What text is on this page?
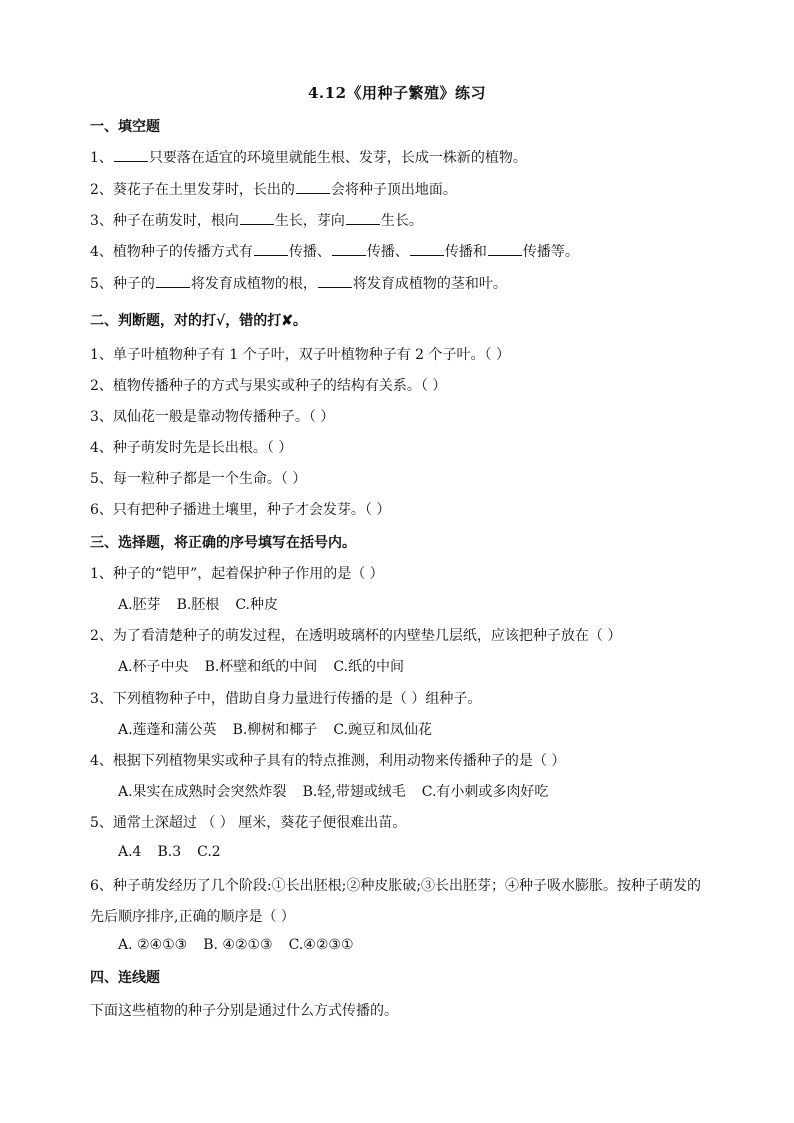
4.12《用种子繁殖》练习
一、填空题
1、	只要落在适宜的环境里就能生根、发芽，长成一株新的植物。
2、葵花子在土里发芽时，长出的	会将种子顶出地面。
3、种子在萌发时，根向	生长，芽向	生长。
4、植物种子的传播方式有	传播、	传播、	传播和	传播等。
5、种子的	将发育成植物的根，	将发育成植物的茎和叶。
二、判断题，对的打√，错的打✘。
1、单子叶植物种子有 1 个子叶，双子叶植物种子有 2 个子叶。（ ）
2、植物传播种子的方式与果实或种子的结构有关系。（ ）
3、凤仙花一般是靠动物传播种子。（ ）
4、种子萌发时先是长出根。（ ）
5、每一粒种子都是一个生命。（ ）
6、只有把种子播进土壤里，种子才会发芽。（ ）
三、选择题，将正确的序号填写在括号内。
1、种子的“铠甲”，起着保护种子作用的是（ ）
A.胚芽 B.胚根 C.种皮
2、为了看清楚种子的萌发过程，在透明玻璃杯的内壁垫几层纸，应该把种子放在（ ）
A.杯子中央 B.杯壁和纸的中间 C.纸的中间
3、下列植物种子中，借助自身力量进行传播的是（ ）组种子。
A.莲蓬和蒲公英 B.柳树和椰子 C.豌豆和凤仙花
4、根据下列植物果实或种子具有的特点推测，利用动物来传播种子的是（ ）
A.果实在成熟时会突然炸裂 B.轻,带翅或绒毛 C.有小刺或多肉好吃
5、通常土深超过 （ ） 厘米，葵花子便很难出苗。
A.4 B.3 C.2
6、种子萌发经历了几个阶段:①长出胚根;②种皮胀破;③长出胚芽；④种子吸水膨胀。按种子萌发的
先后顺序排序,正确的顺序是（ ）
A. ②④①③ B. ④②①③ C.④②③①
四、连线题
下面这些植物的种子分别是通过什么方式传播的。
